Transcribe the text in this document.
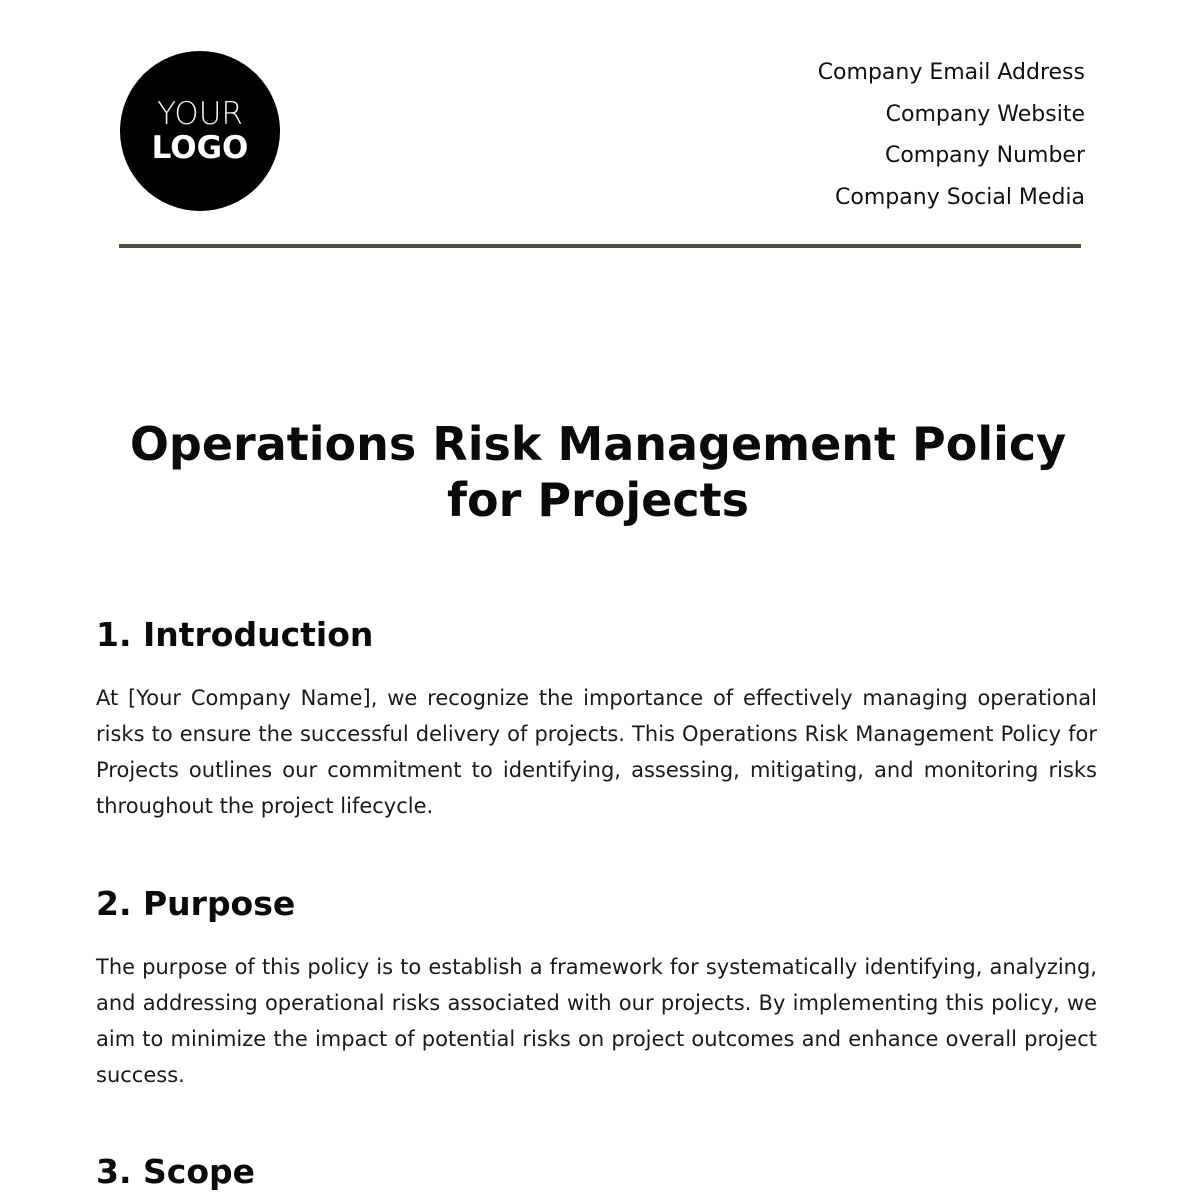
YOUR
LOGO
Company Email Address
Company Website
Company Number
Company Social Media
Operations Risk Management Policy for Projects
1. Introduction

At [Your Company Name], we recognize the importance of effectively managing operational risks to ensure the successful delivery of projects. This Operations Risk Management Policy for Projects outlines our commitment to identifying, assessing, mitigating, and monitoring risks throughout the project lifecycle.

2. Purpose

The purpose of this policy is to establish a framework for systematically identifying, analyzing, and addressing operational risks associated with our projects. By implementing this policy, we aim to minimize the impact of potential risks on project outcomes and enhance overall project success.

3. Scope
